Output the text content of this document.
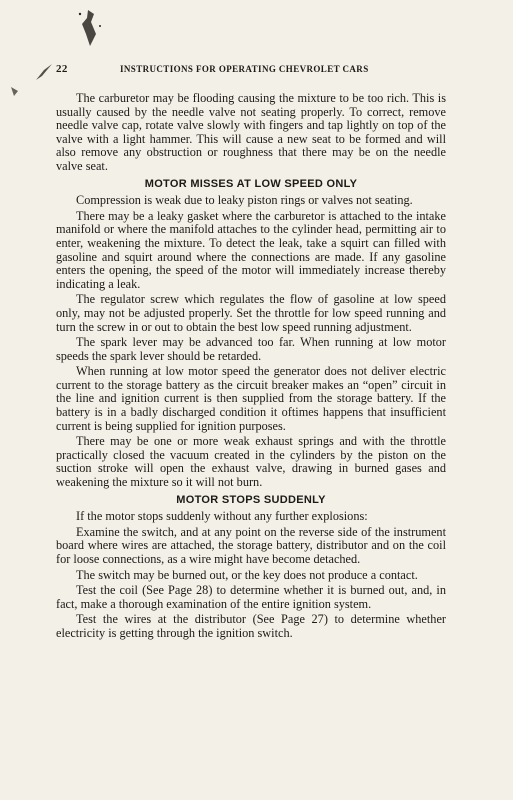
22	INSTRUCTIONS FOR OPERATING CHEVROLET CARS

The carburetor may be flooding causing the mixture to be too rich. This is usually caused by the needle valve not seating properly. To correct, remove needle valve cap, rotate valve slowly with fingers and tap lightly on top of the valve with a light hammer. This will cause a new seat to be formed and will also remove any obstruction or roughness that there may be on the needle valve seat.

MOTOR MISSES AT LOW SPEED ONLY

Compression is weak due to leaky piston rings or valves not seating.

There may be a leaky gasket where the carburetor is attached to the intake manifold or where the manifold attaches to the cylinder head, permitting air to enter, weakening the mixture. To detect the leak, take a squirt can filled with gasoline and squirt around where the connections are made. If any gasoline enters the opening, the speed of the motor will immediately increase thereby indicating a leak.

The regulator screw which regulates the flow of gasoline at low speed only, may not be adjusted properly. Set the throttle for low speed running and turn the screw in or out to obtain the best low speed running adjustment.

The spark lever may be advanced too far. When running at low motor speeds the spark lever should be retarded.

When running at low motor speed the generator does not deliver electric current to the storage battery as the circuit breaker makes an “open” circuit in the line and ignition current is then supplied from the storage battery. If the battery is in a badly discharged condition it oftimes happens that insufficient current is being supplied for ignition purposes.

There may be one or more weak exhaust springs and with the throttle practically closed the vacuum created in the cylinders by the piston on the suction stroke will open the exhaust valve, drawing in burned gases and weakening the mixture so it will not burn.

MOTOR STOPS SUDDENLY

If the motor stops suddenly without any further explosions:

Examine the switch, and at any point on the reverse side of the instrument board where wires are attached, the storage battery, distributor and on the coil for loose connections, as a wire might have become detached.

The switch may be burned out, or the key does not produce a contact.

Test the coil (See Page 28) to determine whether it is burned out, and, in fact, make a thorough examination of the entire ignition system.

Test the wires at the distributor (See Page 27) to determine whether electricity is getting through the ignition switch.
